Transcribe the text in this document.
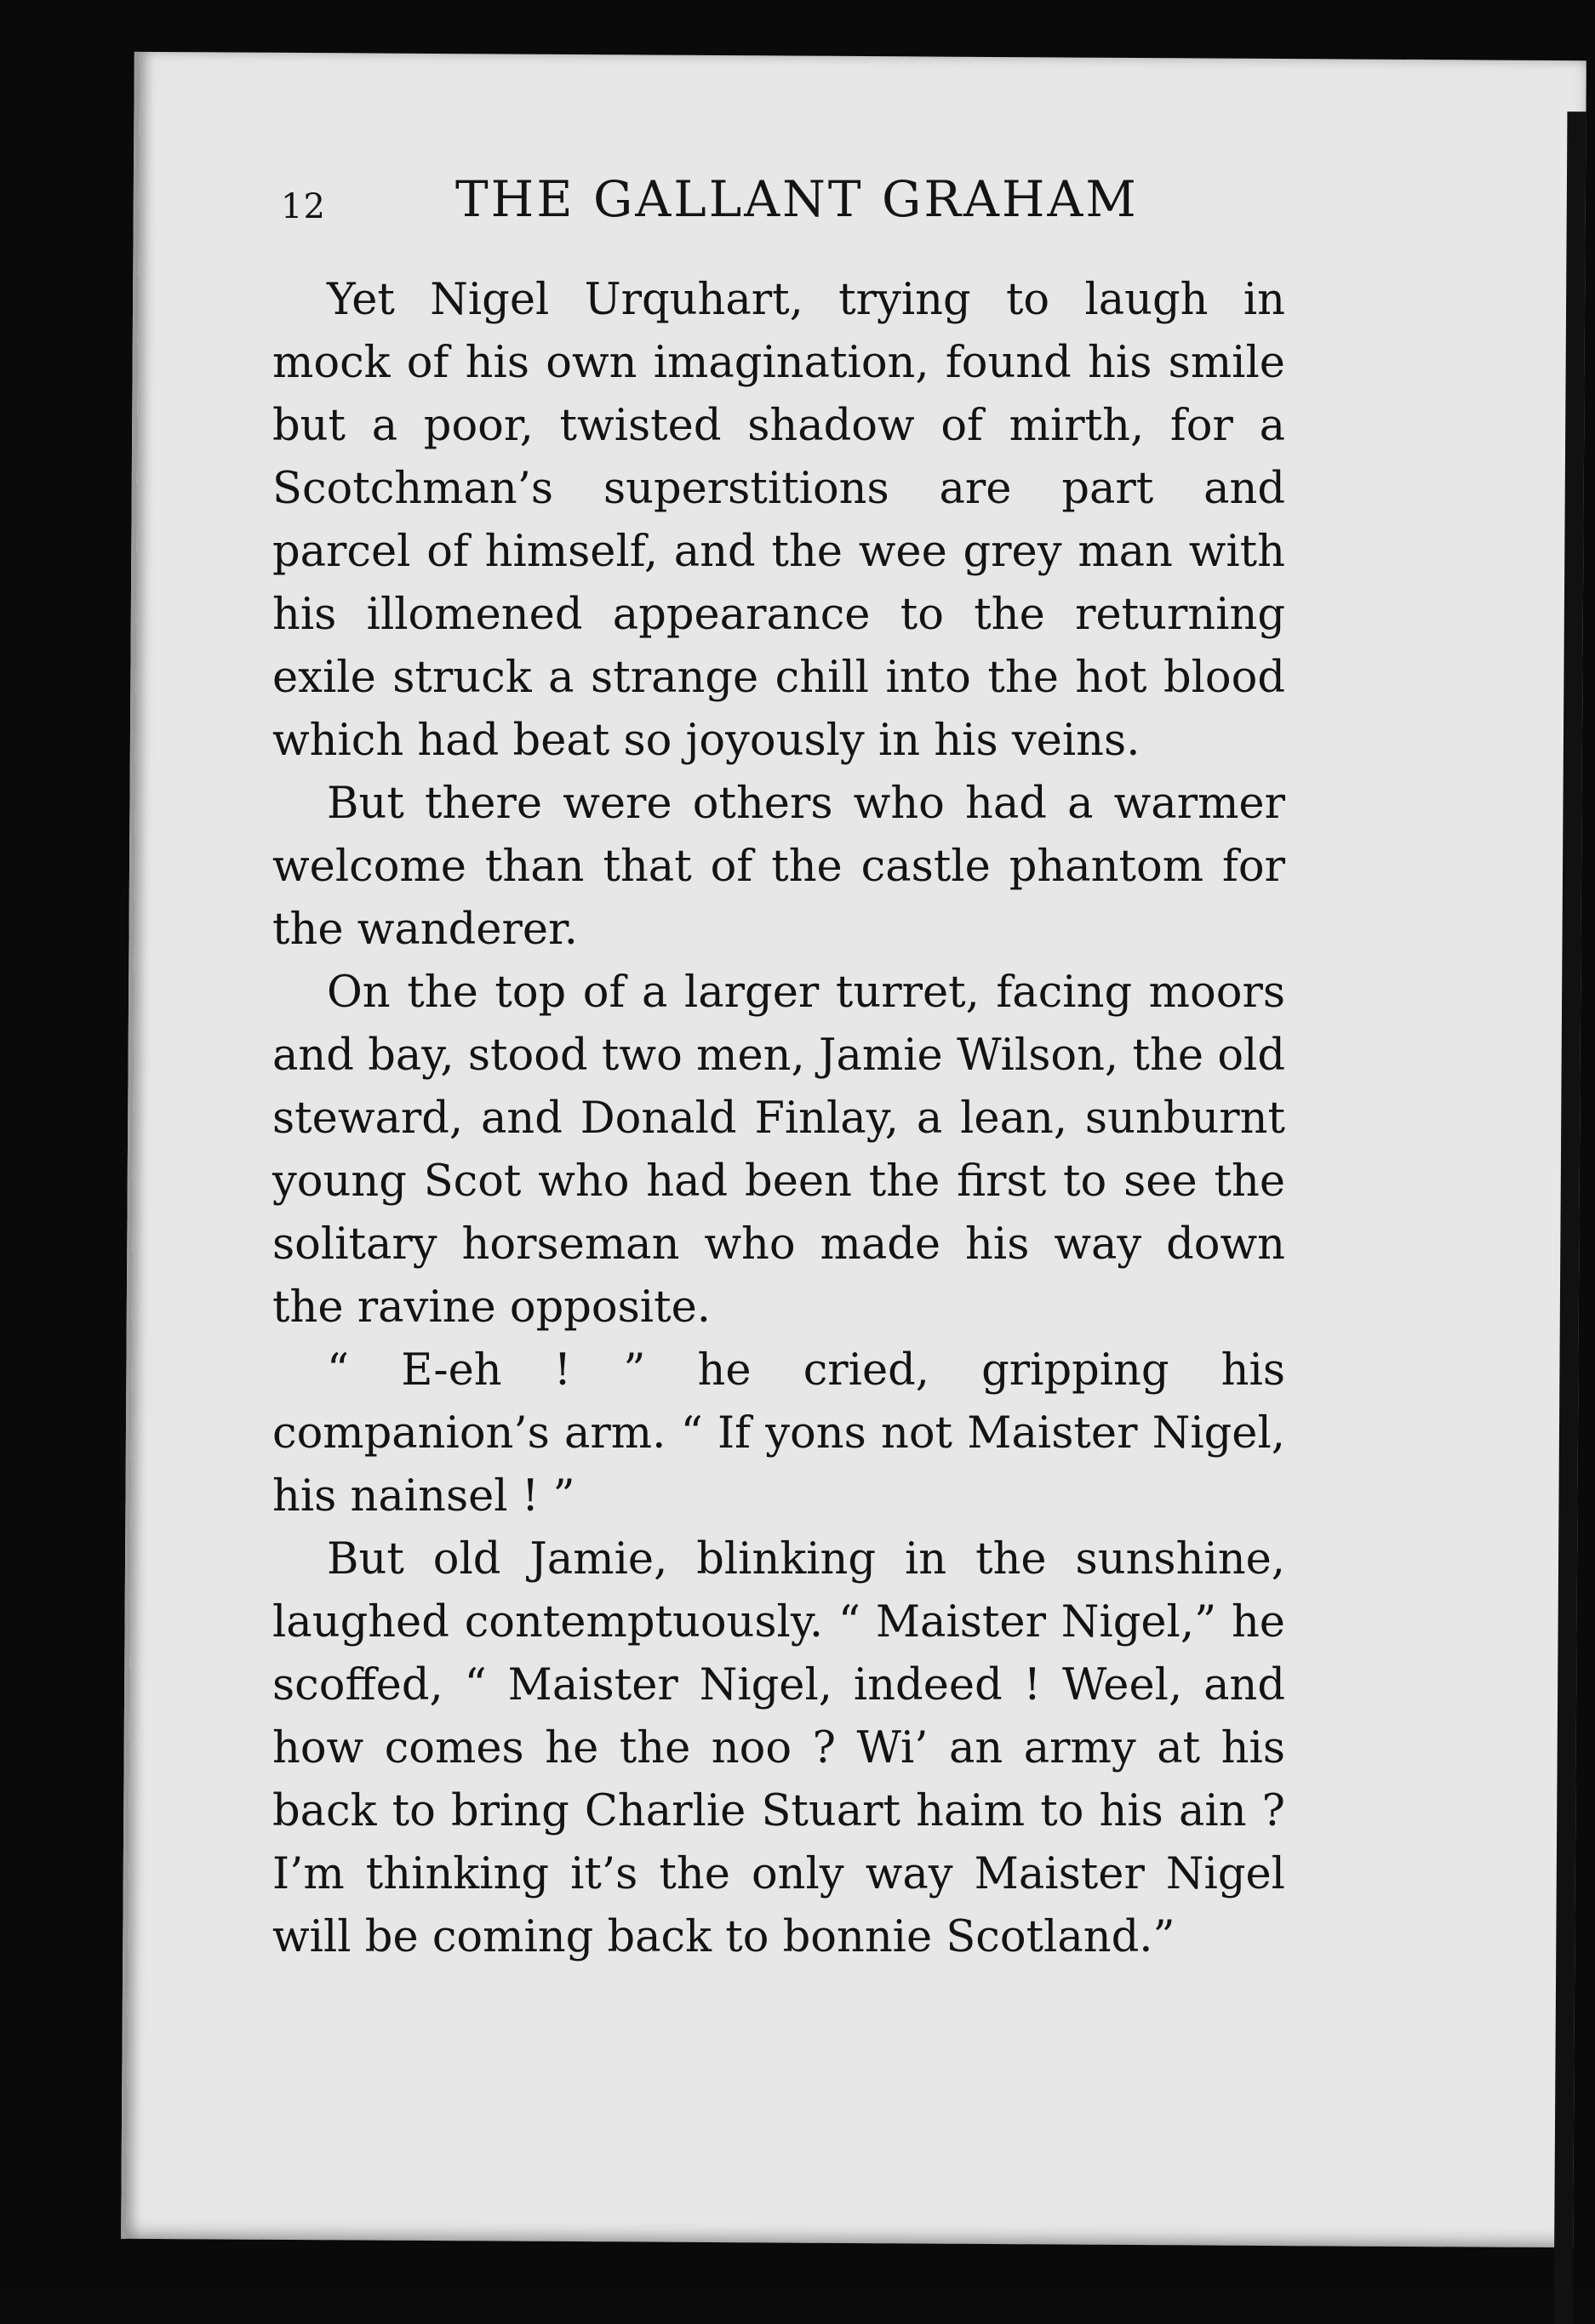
12	THE GALLANT GRAHAM

Yet Nigel Urquhart, trying to laugh in mock of his own imagination, found his smile but a poor, twisted shadow of mirth, for a Scotchman’s superstitions are part and parcel of himself, and the wee grey man with his illomened appearance to the returning exile struck a strange chill into the hot blood which had beat so joyously in his veins.

But there were others who had a warmer welcome than that of the castle phantom for the wanderer.

On the top of a larger turret, facing moors and bay, stood two men, Jamie Wilson, the old steward, and Donald Finlay, a lean, sunburnt young Scot who had been the first to see the solitary horseman who made his way down the ravine opposite.

“ E-eh ! ” he cried, gripping his companion’s arm. “ If yons not Maister Nigel, his nainsel ! ”

But old Jamie, blinking in the sunshine, laughed contemptuously. “ Maister Nigel,” he scoffed, “ Maister Nigel, indeed ! Weel, and how comes he the noo ? Wi’ an army at his back to bring Charlie Stuart haim to his ain ? I’m thinking it’s the only way Maister Nigel will be coming back to bonnie Scotland.”
